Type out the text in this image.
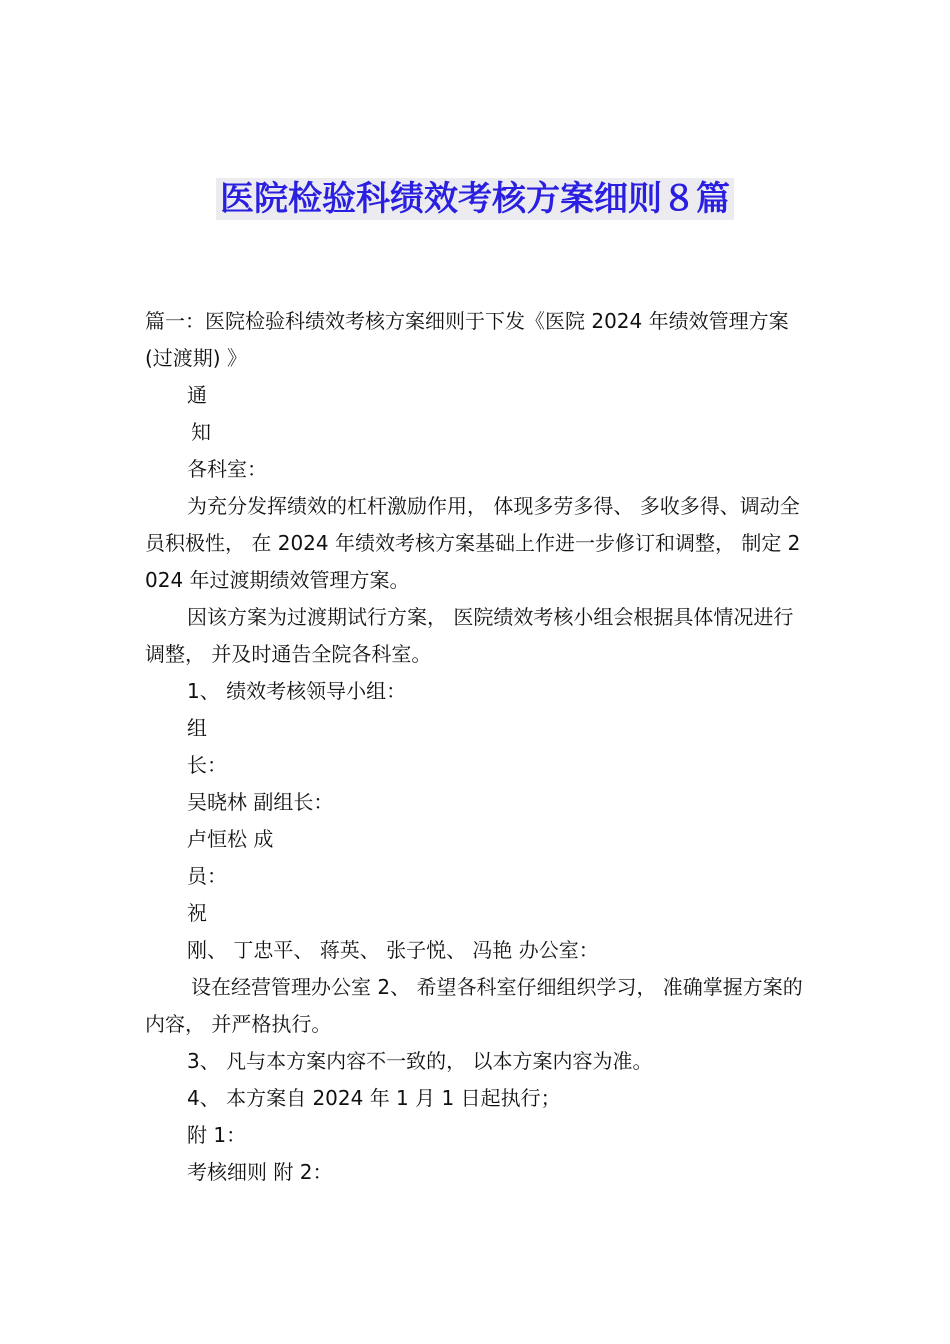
医院检验科绩效考核方案细则８篇

篇一：医院检验科绩效考核方案细则于下发《医院 2024 年绩效管理方案(过渡期) 》

通

知

各科室：

为充分发挥绩效的杠杆激励作用， 体现多劳多得、 多收多得、调动全员积极性， 在 2024 年绩效考核方案基础上作进一步修订和调整， 制定 2024 年过渡期绩效管理方案。

因该方案为过渡期试行方案， 医院绩效考核小组会根据具体情况进行调整， 并及时通告全院各科室。

1、 绩效考核领导小组：

组

长：

吴晓林 副组长：

卢恒松 成

员：

祝

刚、 丁忠平、 蒋英、 张子悦、 冯艳 办公室：

设在经营管理办公室 2、 希望各科室仔细组织学习， 准确掌握方案的内容， 并严格执行。

3、 凡与本方案内容不一致的， 以本方案内容为准。

4、 本方案自 2024 年 1 月 1 日起执行；

附 1：

考核细则 附 2：
